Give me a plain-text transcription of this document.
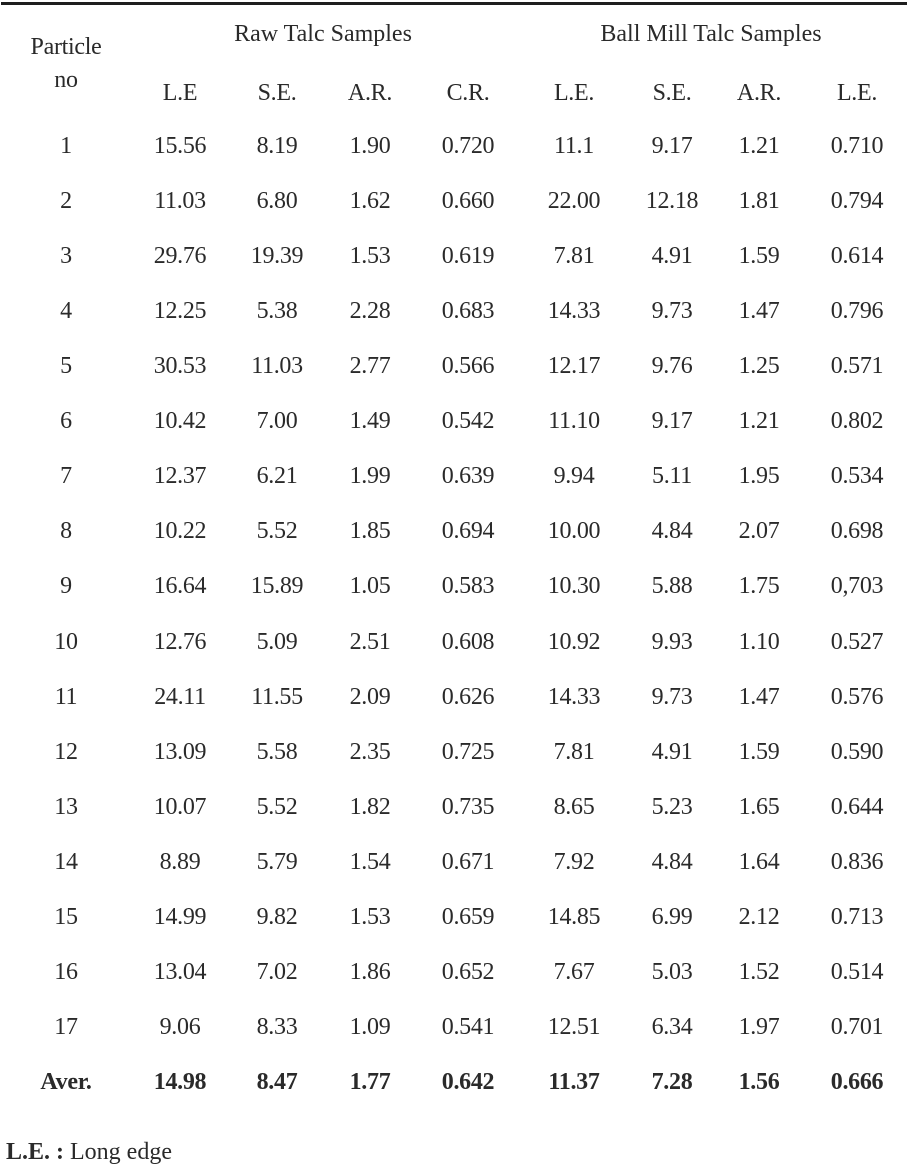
Particle
no
Raw Talc Samples	Ball Mill Talc Samples
L.E	S.E. A.R. C.R.	L.E. S.E. A.R. L.E.
1	15.56 8.19 1.90 0.720 11.1 9.17 1.21 0.710
2	11.03 6.80 1.62 0.660 22.00 12.18 1.81 0.794
3	29.76 19.39 1.53 0.619 7.81 4.91 1.59 0.614
4	12.25 5.38 2.28 0.683 14.33 9.73 1.47 0.796
5	30.53 11.03 2.77 0.566 12.17 9.76 1.25 0.571
6	10.42 7.00 1.49 0.542 11.10 9.17 1.21 0.802
7	12.37 6.21 1.99 0.639 9.94 5.11 1.95 0.534
8	10.22 5.52 1.85 0.694 10.00 4.84 2.07 0.698
9	16.64 15.89 1.05 0.583 10.30 5.88 1.75 0,703
10	12.76 5.09 2.51 0.608 10.92 9.93 1.10 0.527
11	24.11 11.55 2.09 0.626 14.33 9.73 1.47 0.576
12	13.09 5.58 2.35 0.725 7.81 4.91 1.59 0.590
13	10.07 5.52 1.82 0.735 8.65 5.23 1.65 0.644
14	8.89 5.79 1.54 0.671 7.92 4.84 1.64 0.836
15	14.99 9.82 1.53 0.659 14.85 6.99 2.12 0.713
16	13.04 7.02 1.86 0.652 7.67 5.03 1.52 0.514
17	9.06 8.33 1.09 0.541 12.51 6.34 1.97 0.701
Aver.	14.98 8.47 1.77 0.642 11.37 7.28 1.56 0.666
L.E. : Long edge
